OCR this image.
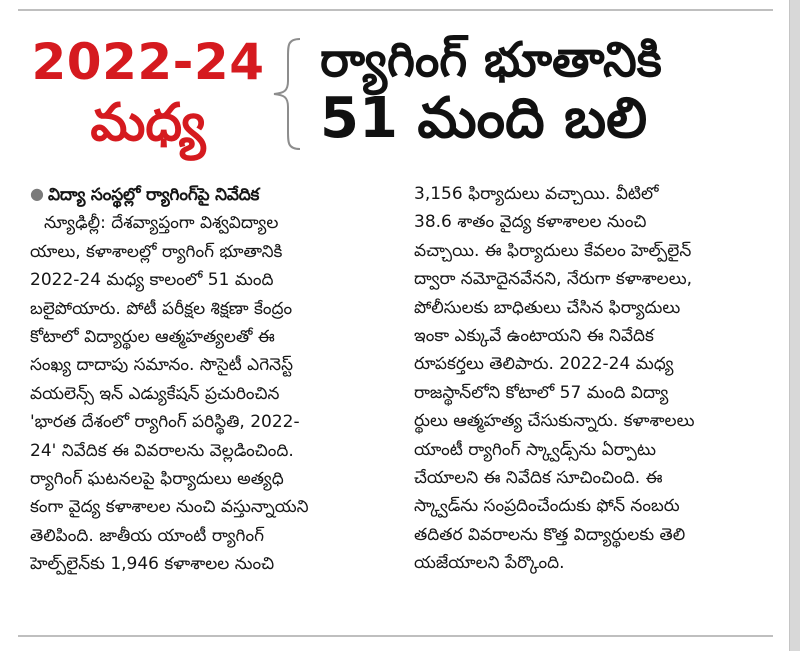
2022-24
మధ్య
ర్యాగింగ్ భూతానికి
51 మంది బలి
● విద్యా సంస్థల్లో ర్యాగింగ్‌పై నివేదిక
న్యూఢిల్లీ: దేశవ్యాప్తంగా విశ్వవిద్యాల
యాలు, కళాశాలల్లో ర్యాగింగ్ భూతానికి
2022-24 మధ్య కాలంలో 51 మంది
బలైపోయారు. పోటీ పరీక్షల శిక్షణా కేంద్రం
కోటాలో విద్యార్థుల ఆత్మహత్యలతో ఈ
సంఖ్య దాదాపు సమానం. సొసైటీ ఎగెనెస్ట్
వయలెన్స్ ఇన్ ఎడ్యుకేషన్ ప్రచురించిన
'భారత దేశంలో ర్యాగింగ్ పరిస్థితి, 2022-
24' నివేదిక ఈ వివరాలను వెల్లడించింది.
ర్యాగింగ్ ఘటనలపై ఫిర్యాదులు అత్యధి
కంగా వైద్య కళాశాలల నుంచి వస్తున్నాయని
తెలిపింది. జాతీయ యాంటీ ర్యాగింగ్
హెల్ప్‌లైన్‌కు 1,946 కళాశాలల నుంచి
3,156 ఫిర్యాదులు వచ్చాయి. వీటిలో
38.6 శాతం వైద్య కళాశాలల నుంచి
వచ్చాయి. ఈ ఫిర్యాదులు కేవలం హెల్ప్‌లైన్
ద్వారా నమోదైనవేనని, నేరుగా కళాశాలలు,
పోలీసులకు బాధితులు చేసిన ఫిర్యాదులు
ఇంకా ఎక్కువే ఉంటాయని ఈ నివేదిక
రూపకర్తలు తెలిపారు. 2022-24 మధ్య
రాజస్థాన్‌లోని కోటాలో 57 మంది విద్యా
ర్థులు ఆత్మహత్య చేసుకున్నారు. కళాశాలలు
యాంటీ ర్యాగింగ్ స్క్వాడ్స్‌ను ఏర్పాటు
చేయాలని ఈ నివేదిక సూచించింది. ఈ
స్క్వాడ్‌ను సంప్రదించేందుకు ఫోన్ నంబరు
తదితర వివరాలను కొత్త విద్యార్థులకు తెలి
యజేయాలని పేర్కొంది.
